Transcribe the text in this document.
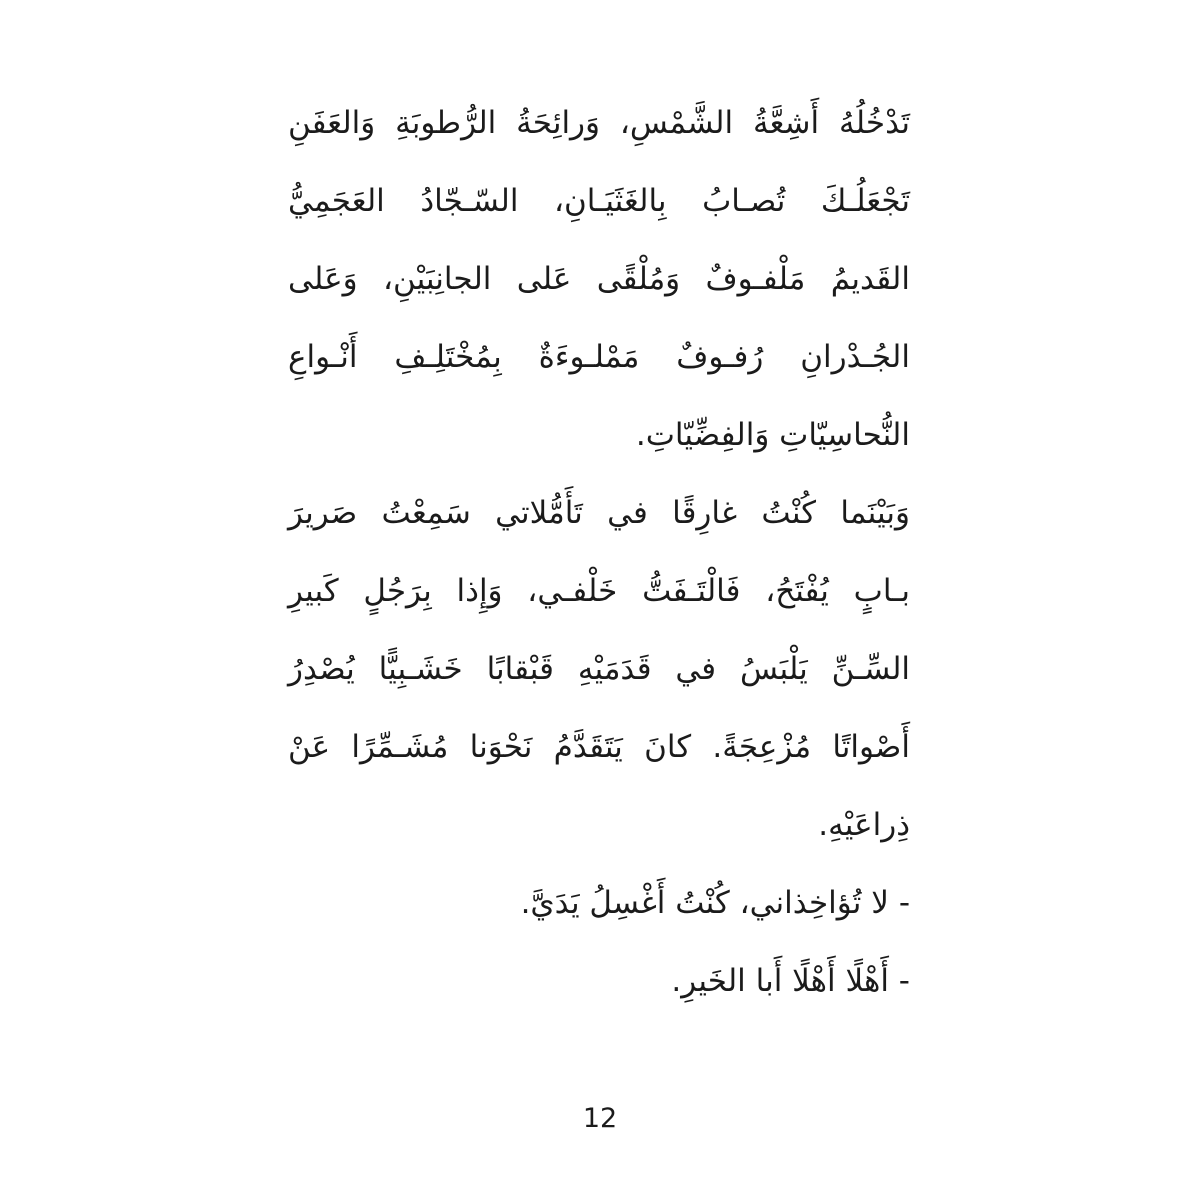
تَدْخُلُهُ أَشِعَّةُ الشَّمْسِ، وَرائِحَةُ الرُّطوبَةِ وَالعَفَنِ
تَجْعَلُـكَ تُصـابُ بِالغَثَيَـانِ، السّـجّادُ العَجَمِيُّ
القَديمُ مَلْفـوفٌ وَمُلْقًى عَلى الجانِبَيْنِ، وَعَلى
الجُـدْرانِ رُفـوفٌ مَمْلـوءَةٌ بِمُخْتَلِـفِ أَنْـواعِ
النُّحاسِيّاتِ وَالفِضِّيّاتِ.
وَبَيْنَما كُنْتُ غارِقًا في تَأَمُّلاتي سَمِعْتُ صَريرَ
بـابٍ يُفْتَحُ، فَالْتَـفَتُّ خَلْفـي، وَإِذا بِرَجُلٍ كَبيرِ
السِّـنِّ يَلْبَسُ في قَدَمَيْهِ قَبْقابًا خَشَـبِيًّا يُصْدِرُ
أَصْواتًا مُزْعِجَةً. كانَ يَتَقَدَّمُ نَحْوَنا مُشَـمِّرًا عَنْ
ذِراعَيْهِ.
- لا تُؤاخِذاني، كُنْتُ أَغْسِلُ يَدَيَّ.
- أَهْلًا أَهْلًا أَبا الخَيرِ.
12
